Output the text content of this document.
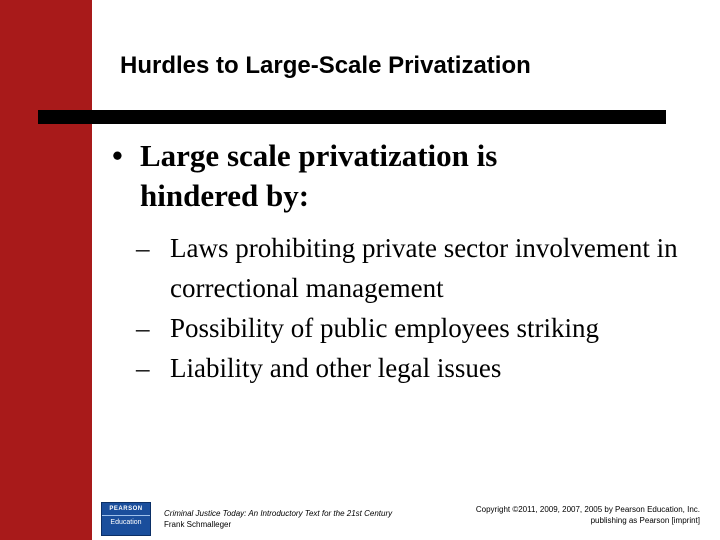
Hurdles to Large-Scale Privatization
• Large scale privatization is hindered by:
– Laws prohibiting private sector involvement in correctional management
– Possibility of public employees striking
– Liability and other legal issues
PEARSON
Education
Criminal Justice Today: An Introductory Text for the 21st Century
Frank Schmalleger
Copyright ©2011, 2009, 2007, 2005 by Pearson Education, Inc.
publishing as Pearson [imprint]
